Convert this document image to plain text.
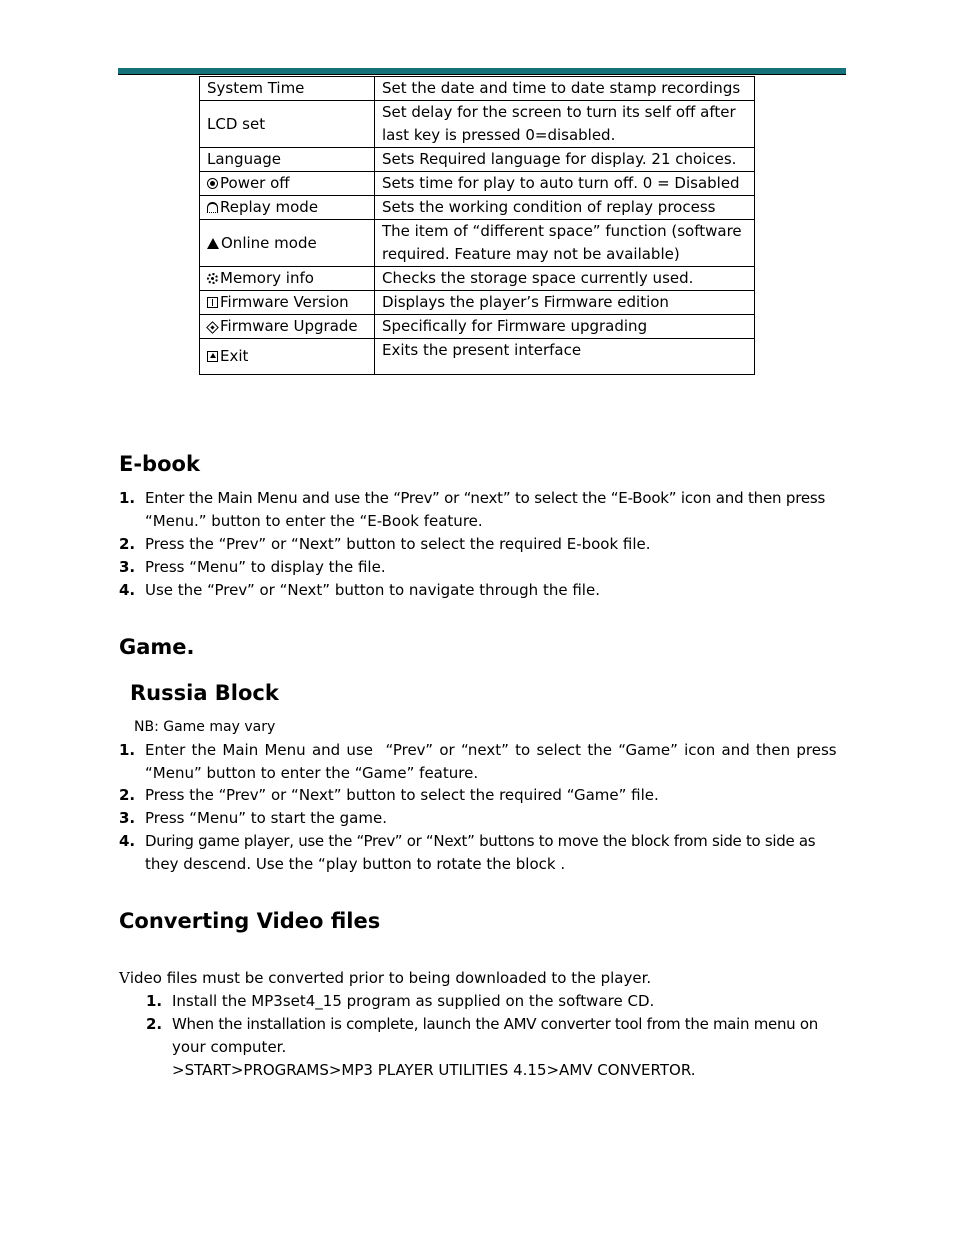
System Time	Set the date and time to date stamp recordings
LCD set	Set delay for the screen to turn its self off after
last key is pressed 0=disabled.
Language	Sets Required language for display. 21 choices.
Power off	Sets time for play to auto turn off. 0 = Disabled
Replay mode	Sets the working condition of replay process
Online mode	The item of “different space” function (software
required. Feature may not be available)
Memory info	Checks the storage space currently used.
Firmware Version	Displays the player’s Firmware edition
Firmware Upgrade	Specifically for Firmware upgrading
Exit	Exits the present interface
E-book
1. Enter the Main Menu and use the “Prev” or “next” to select the “E-Book” icon and then press
“Menu.” button to enter the “E-Book feature.
2. Press the “Prev” or “Next” button to select the required E-book file.
3. Press “Menu” to display the file.
4. Use the “Prev” or “Next” button to navigate through the file.
Game.
Russia Block
NB: Game may vary
1. Enter the Main Menu and use  “Prev” or “next” to select the “Game” icon and then press
“Menu” button to enter the “Game” feature.
2. Press the “Prev” or “Next” button to select the required “Game” file.
3. Press “Menu” to start the game.
4. During game player, use the “Prev” or “Next” buttons to move the block from side to side as
they descend. Use the “play button to rotate the block .
Converting Video files
Video files must be converted prior to being downloaded to the player.
1. Install the MP3set4_15 program as supplied on the software CD.
2. When the installation is complete, launch the AMV converter tool from the main menu on
your computer.
>START>PROGRAMS>MP3 PLAYER UTILITIES 4.15>AMV CONVERTOR.
